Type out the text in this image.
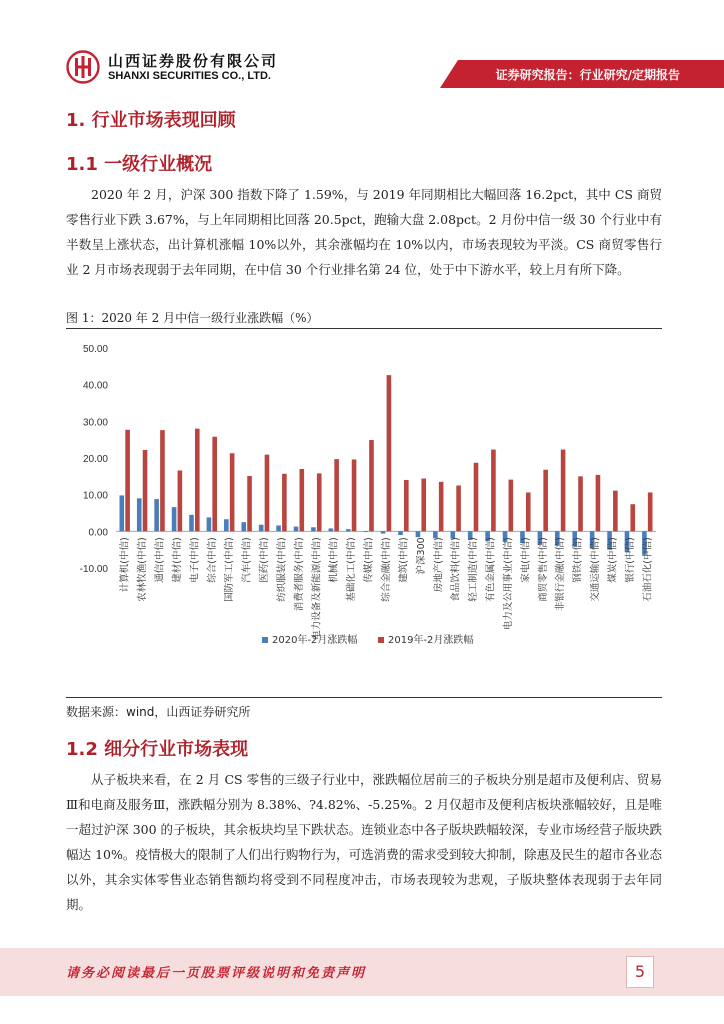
山西证券股份有限公司
SHANXI SECURITIES CO., LTD.	证券研究报告：行业研究/定期报告
1. 行业市场表现回顾
1.1 一级行业概况

2020 年 2 月，沪深 300 指数下降了 1.59%，与 2019 年同期相比大幅回落 16.2pct，其中 CS 商贸零售行业下跌 3.67%，与上年同期相比回落 20.5pct，跑输大盘 2.08pct。2 月份中信一级 30 个行业中有半数呈上涨状态，出计算机涨幅 10%以外，其余涨幅均在 10%以内，市场表现较为平淡。CS 商贸零售行业 2 月市场表现弱于去年同期，在中信 30 个行业排名第 24 位，处于中下游水平，较上月有所下降。

图 1：2020 年 2 月中信一级行业涨跌幅（%）
50.00
40.00
30.00
20.00
10.00
0.00
-10.00 计算机(中信) 农林牧渔(中信) 通信(中信) 建材(中信) 电子(中信) 综合(中信) 国防军工(中信) 汽车(中信) 医药(中信) 纺织服装(中信) 消费者服务(中信) 电力设备及新能源(中信) 机械(中信) 基础化工(中信) 传媒(中信) 综合金融(中信) 建筑(中信) 沪深300 房地产(中信) 食品饮料(中信) 轻工制造(中信) 有色金属(中信) 电力及公用事业(中信) 家电(中信) 商贸零售(中信) 非银行金融(中信) 钢铁(中信) 交通运输(中信) 煤炭(中信) 银行(中信) 石油石化(中信)
2020年-2月涨跌幅	2019年-2月涨跌幅
数据来源：wind，山西证券研究所
1.2 细分行业市场表现

从子板块来看，在 2 月 CS 零售的三级子行业中，涨跌幅位居前三的子板块分别是超市及便利店、贸易Ⅲ和电商及服务Ⅲ，涨跌幅分别为 8.38%、?4.82%、-5.25%。2 月仅超市及便利店板块涨幅较好，且是唯一超过沪深 300 的子板块，其余板块均呈下跌状态。连锁业态中各子版块跌幅较深，专业市场经营子版块跌幅达 10%。疫情极大的限制了人们出行购物行为，可选消费的需求受到较大抑制，除惠及民生的超市各业态以外，其余实体零售业态销售额均将受到不同程度冲击，市场表现较为悲观，子版块整体表现弱于去年同期。

请务必阅读最后一页股票评级说明和免责声明	5
